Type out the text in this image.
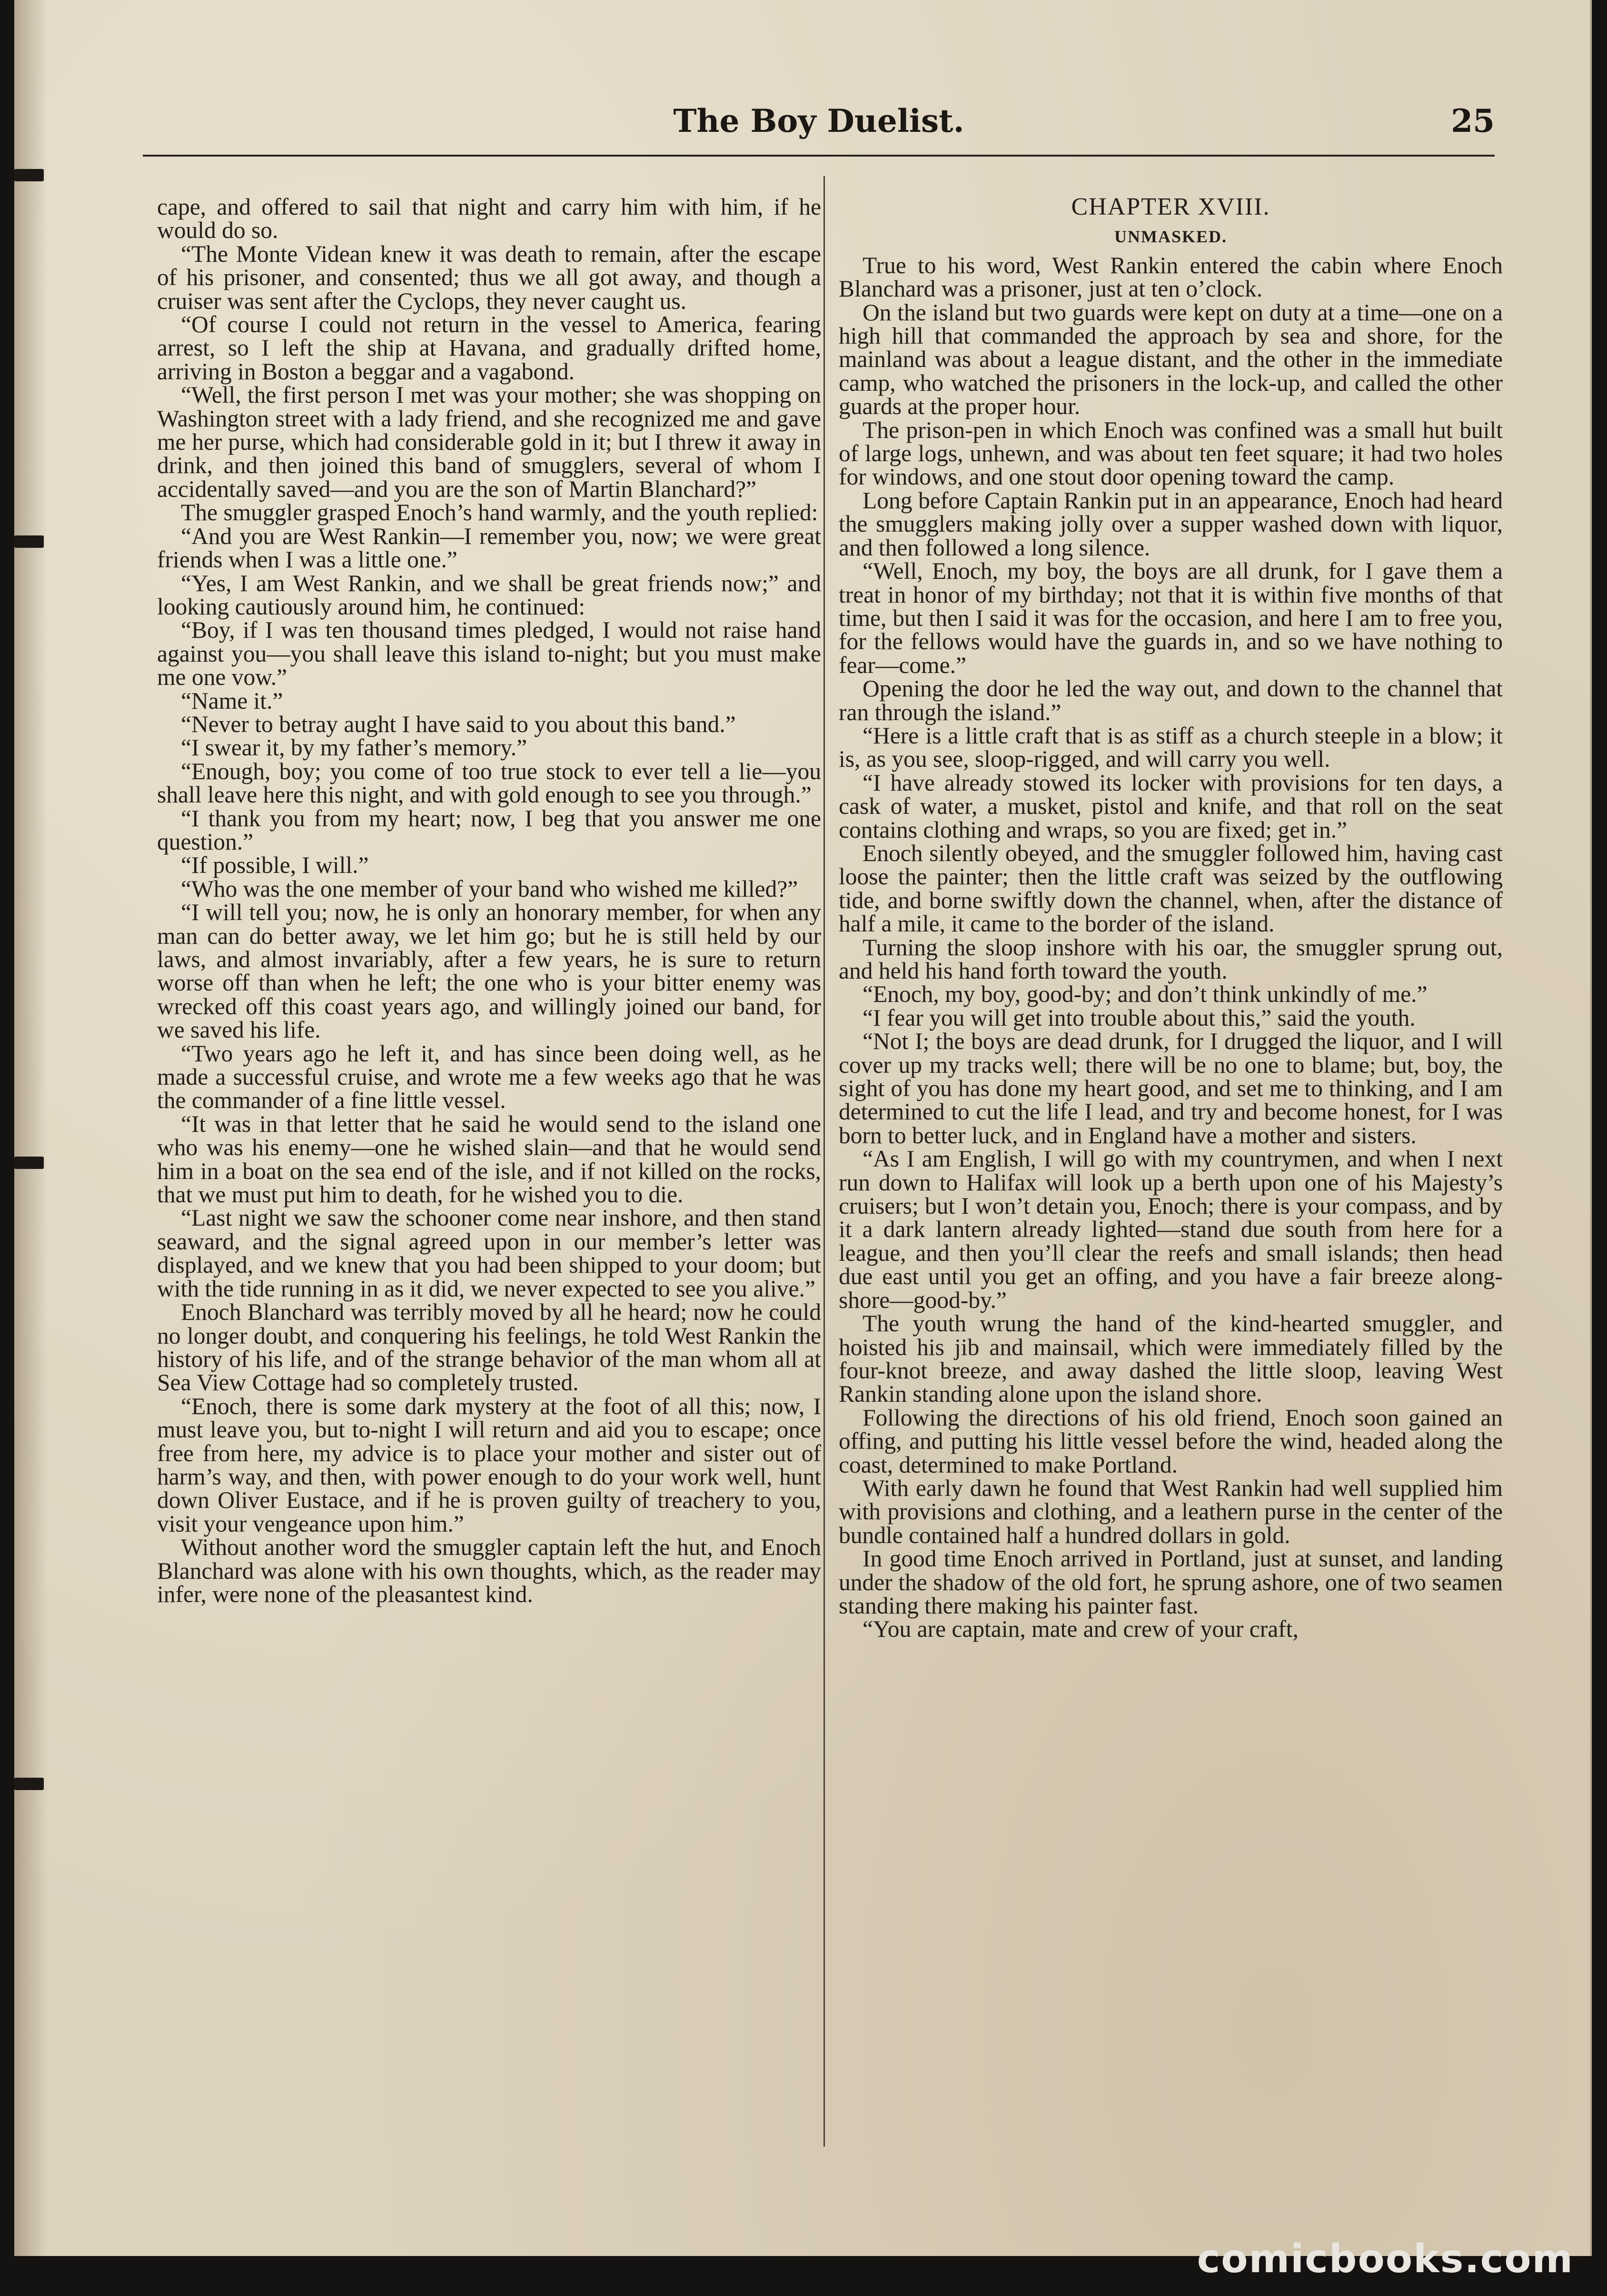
The Boy Duelist.	25

cape, and offered to sail that night and carry him with him, if he would do so.

“The Monte Videan knew it was death to remain, after the escape of his prisoner, and consented; thus we all got away, and though a cruiser was sent after the Cyclops, they never caught us.

“Of course I could not return in the vessel to America, fearing arrest, so I left the ship at Havana, and gradually drifted home, arriving in Boston a beggar and a vagabond.

“Well, the first person I met was your mother; she was shopping on Washington street with a lady friend, and she recognized me and gave me her purse, which had considerable gold in it; but I threw it away in drink, and then joined this band of smugglers, several of whom I accidentally saved—and you are the son of Martin Blanchard?”

The smuggler grasped Enoch’s hand warmly, and the youth replied:

“And you are West Rankin—I remember you, now; we were great friends when I was a little one.”

“Yes, I am West Rankin, and we shall be great friends now;” and looking cautiously around him, he continued:

“Boy, if I was ten thousand times pledged, I would not raise hand against you—you shall leave this island to-night; but you must make me one vow.”

“Name it.”

“Never to betray aught I have said to you about this band.”

“I swear it, by my father’s memory.”

“Enough, boy; you come of too true stock to ever tell a lie—you shall leave here this night, and with gold enough to see you through.”

“I thank you from my heart; now, I beg that you answer me one question.”

“If possible, I will.”

“Who was the one member of your band who wished me killed?”

“I will tell you; now, he is only an honorary member, for when any man can do better away, we let him go; but he is still held by our laws, and almost invariably, after a few years, he is sure to return worse off than when he left; the one who is your bitter enemy was wrecked off this coast years ago, and willingly joined our band, for we saved his life.

“Two years ago he left it, and has since been doing well, as he made a successful cruise, and wrote me a few weeks ago that he was the commander of a fine little vessel.

“It was in that letter that he said he would send to the island one who was his enemy—one he wished slain—and that he would send him in a boat on the sea end of the isle, and if not killed on the rocks, that we must put him to death, for he wished you to die.

“Last night we saw the schooner come near inshore, and then stand seaward, and the signal agreed upon in our member’s letter was displayed, and we knew that you had been shipped to your doom; but with the tide running in as it did, we never expected to see you alive.”

Enoch Blanchard was terribly moved by all he heard; now he could no longer doubt, and conquering his feelings, he told West Rankin the history of his life, and of the strange behavior of the man whom all at Sea View Cottage had so completely trusted.

“Enoch, there is some dark mystery at the foot of all this; now, I must leave you, but to-night I will return and aid you to escape; once free from here, my advice is to place your mother and sister out of harm’s way, and then, with power enough to do your work well, hunt down Oliver Eustace, and if he is proven guilty of treachery to you, visit your vengeance upon him.”

Without another word the smuggler captain left the hut, and Enoch Blanchard was alone with his own thoughts, which, as the reader may infer, were none of the pleasantest kind.

CHAPTER XVIII.

UNMASKED.

True to his word, West Rankin entered the cabin where Enoch Blanchard was a prisoner, just at ten o’clock.

On the island but two guards were kept on duty at a time—one on a high hill that commanded the approach by sea and shore, for the mainland was about a league distant, and the other in the immediate camp, who watched the prisoners in the lock-up, and called the other guards at the proper hour.

The prison-pen in which Enoch was confined was a small hut built of large logs, unhewn, and was about ten feet square; it had two holes for windows, and one stout door opening toward the camp.

Long before Captain Rankin put in an appearance, Enoch had heard the smugglers making jolly over a supper washed down with liquor, and then followed a long silence.

“Well, Enoch, my boy, the boys are all drunk, for I gave them a treat in honor of my birthday; not that it is within five months of that time, but then I said it was for the occasion, and here I am to free you, for the fellows would have the guards in, and so we have nothing to fear—come.”

Opening the door he led the way out, and down to the channel that ran through the island.”

“Here is a little craft that is as stiff as a church steeple in a blow; it is, as you see, sloop-rigged, and will carry you well.

“I have already stowed its locker with provisions for ten days, a cask of water, a musket, pistol and knife, and that roll on the seat contains clothing and wraps, so you are fixed; get in.”

Enoch silently obeyed, and the smuggler followed him, having cast loose the painter; then the little craft was seized by the outflowing tide, and borne swiftly down the channel, when, after the distance of half a mile, it came to the border of the island.

Turning the sloop inshore with his oar, the smuggler sprung out, and held his hand forth toward the youth.

“Enoch, my boy, good-by; and don’t think unkindly of me.”

“I fear you will get into trouble about this,” said the youth.

“Not I; the boys are dead drunk, for I drugged the liquor, and I will cover up my tracks well; there will be no one to blame; but, boy, the sight of you has done my heart good, and set me to thinking, and I am determined to cut the life I lead, and try and become honest, for I was born to better luck, and in England have a mother and sisters.

“As I am English, I will go with my countrymen, and when I next run down to Halifax will look up a berth upon one of his Majesty’s cruisers; but I won’t detain you, Enoch; there is your compass, and by it a dark lantern already lighted—stand due south from here for a league, and then you’ll clear the reefs and small islands; then head due east until you get an offing, and you have a fair breeze along-shore—good-by.”

The youth wrung the hand of the kind-hearted smuggler, and hoisted his jib and mainsail, which were immediately filled by the four-knot breeze, and away dashed the little sloop, leaving West Rankin standing alone upon the island shore.

Following the directions of his old friend, Enoch soon gained an offing, and putting his little vessel before the wind, headed along the coast, determined to make Portland.

With early dawn he found that West Rankin had well supplied him with provisions and clothing, and a leathern purse in the center of the bundle contained half a hundred dollars in gold.

In good time Enoch arrived in Portland, just at sunset, and landing under the shadow of the old fort, he sprung ashore, one of two seamen standing there making his painter fast.

“You are captain, mate and crew of your craft,

comicbooks.com
